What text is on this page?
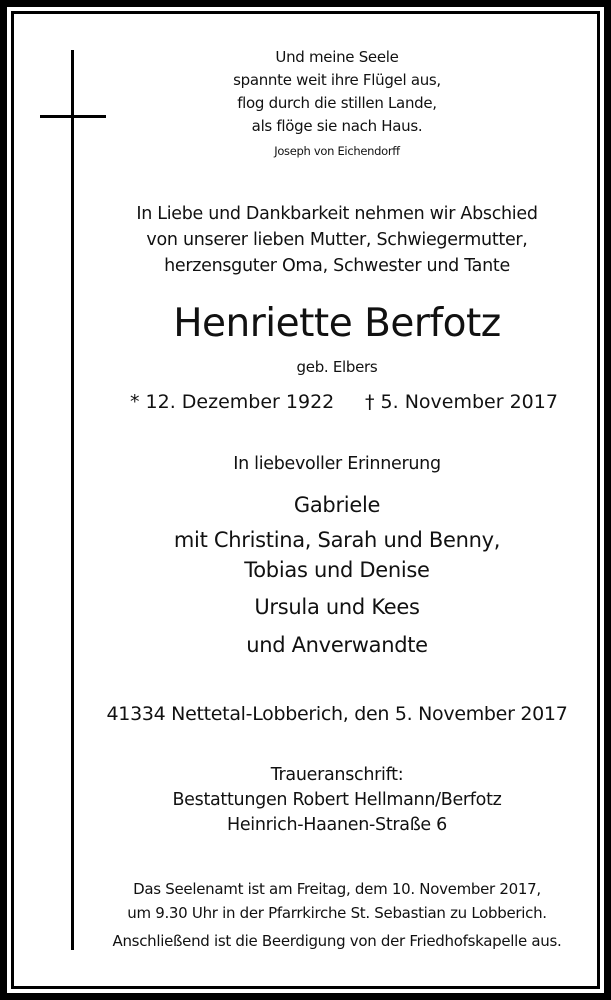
Und meine Seele
spannte weit ihre Flügel aus,
flog durch die stillen Lande,
als flöge sie nach Haus.
Joseph von Eichendorff
In Liebe und Dankbarkeit nehmen wir Abschied
von unserer lieben Mutter, Schwiegermutter,
herzensguter Oma, Schwester und Tante
Henriette Berfotz
geb. Elbers
* 12. Dezember 1922 † 5. November 2017
In liebevoller Erinnerung
Gabriele
mit Christina, Sarah und Benny,
Tobias und Denise
Ursula und Kees
und Anverwandte
41334 Nettetal-Lobberich, den 5. November 2017
Traueranschrift:
Bestattungen Robert Hellmann/Berfotz
Heinrich-Haanen-Straße 6
Das Seelenamt ist am Freitag, dem 10. November 2017,
um 9.30 Uhr in der Pfarrkirche St. Sebastian zu Lobberich.
Anschließend ist die Beerdigung von der Friedhofskapelle aus.
